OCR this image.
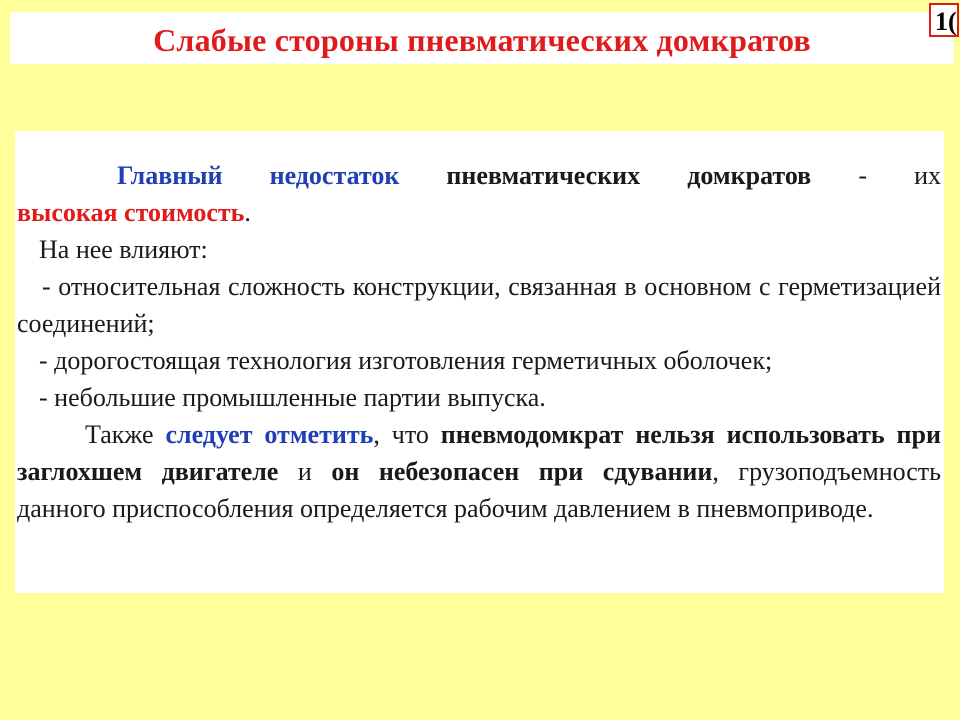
Слабые стороны пневматических домкратов
1(

Главный недостаток пневматических домкратов - их

высокая стоимость.

На нее влияют:

- относительная сложность конструкции, связанная в основном с герметизацией соединений;

- дорогостоящая технология изготовления герметичных оболочек;

- небольшие промышленные партии выпуска.

Также следует отметить, что пневмодомкрат нельзя использовать при заглохшем двигателе и он небезопасен при сдувании, грузоподъемность данного приспособления определяется рабочим давлением в пневмоприводе.
